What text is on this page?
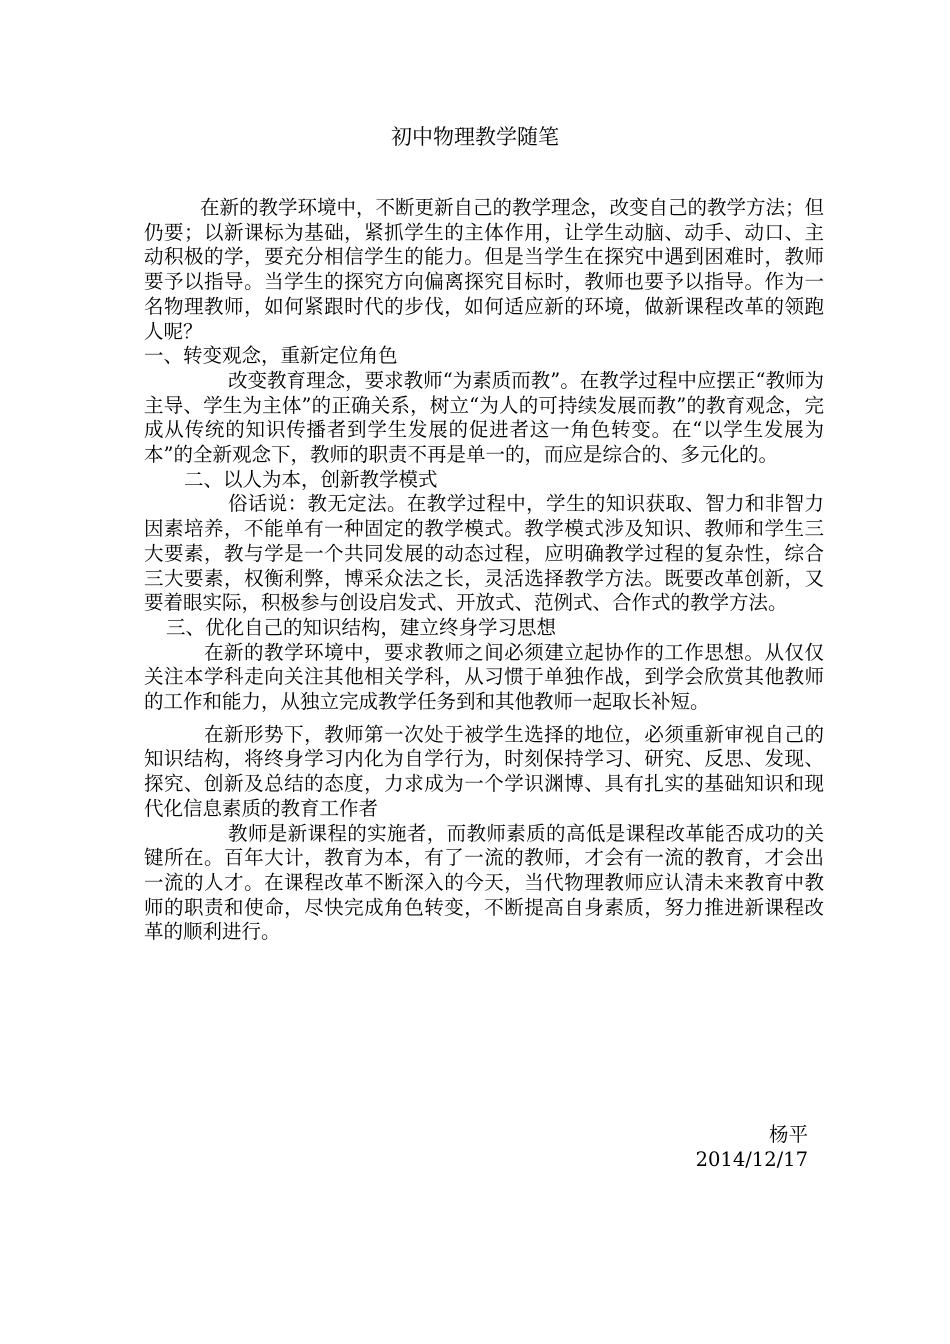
初中物理教学随笔

在新的教学环境中，不断更新自己的教学理念，改变自己的教学方法；但仍要；以新课标为基础，紧抓学生的主体作用，让学生动脑、动手、动口、主动积极的学，要充分相信学生的能力。但是当学生在探究中遇到困难时，教师要予以指导。当学生的探究方向偏离探究目标时，教师也要予以指导。作为一名物理教师，如何紧跟时代的步伐，如何适应新的环境，做新课程改革的领跑人呢？

一、转变观念，重新定位角色

改变教育理念，要求教师“为素质而教”。在教学过程中应摆正“教师为主导、学生为主体”的正确关系，树立“为人的可持续发展而教”的教育观念，完成从传统的知识传播者到学生发展的促进者这一角色转变。在“以学生发展为本”的全新观念下，教师的职责不再是单一的，而应是综合的、多元化的。

二、以人为本，创新教学模式

俗话说：教无定法。在教学过程中，学生的知识获取、智力和非智力因素培养，不能单有一种固定的教学模式。教学模式涉及知识、教师和学生三大要素，教与学是一个共同发展的动态过程，应明确教学过程的复杂性，综合三大要素，权衡利弊，博采众法之长，灵活选择教学方法。既要改革创新，又要着眼实际，积极参与创设启发式、开放式、范例式、合作式的教学方法。

三、优化自己的知识结构，建立终身学习思想

在新的教学环境中，要求教师之间必须建立起协作的工作思想。从仅仅关注本学科走向关注其他相关学科，从习惯于单独作战，到学会欣赏其他教师的工作和能力，从独立完成教学任务到和其他教师一起取长补短。

在新形势下，教师第一次处于被学生选择的地位，必须重新审视自己的知识结构，将终身学习内化为自学行为，时刻保持学习、研究、反思、发现、探究、创新及总结的态度，力求成为一个学识渊博、具有扎实的基础知识和现代化信息素质的教育工作者

教师是新课程的实施者，而教师素质的高低是课程改革能否成功的关键所在。百年大计，教育为本，有了一流的教师，才会有一流的教育，才会出一流的人才。在课程改革不断深入的今天，当代物理教师应认清未来教育中教师的职责和使命，尽快完成角色转变，不断提高自身素质，努力推进新课程改革的顺利进行。

杨平
2014/12/17
